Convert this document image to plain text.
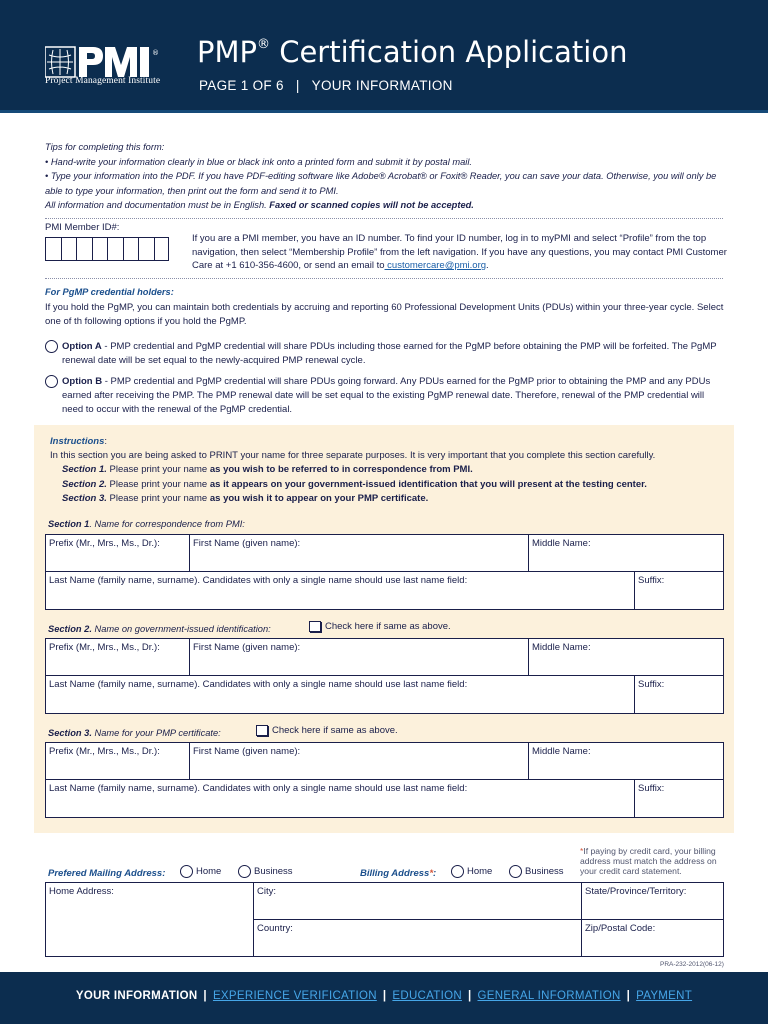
®
Project Management Institute
PMP® Certification Application
PAGE 1 OF 6 | YOUR INFORMATION
Tips for completing this form:
• Hand-write your information clearly in blue or black ink onto a printed form and submit it by postal mail.
• Type your information into the PDF. If you have PDF-editing software like Adobe® Acrobat® or Foxit® Reader, you can save your data. Otherwise, you will only be able to type your information, then print out the form and send it to PMI.
All information and documentation must be in English. Faxed or scanned copies will not be accepted.
PMI Member ID#:
If you are a PMI member, you have an ID number. To find your ID number, log in to myPMI and select “Profile” from the top navigation, then select “Membership Profile” from the left navigation. If you have any questions, you may contact PMI Customer Care at +1 610-356-4600, or send an email to customercare@pmi.org.
For PgMP credential holders:
If you hold the PgMP, you can maintain both credentials by accruing and reporting 60 Professional Development Units (PDUs) within your three-year cycle. Select one of th following options if you hold the PgMP.
Option A - PMP credential and PgMP credential will share PDUs including those earned for the PgMP before obtaining the PMP will be forfeited. The PgMP renewal date will be set equal to the newly-acquired PMP renewal cycle.
Option B - PMP credential and PgMP credential will share PDUs going forward. Any PDUs earned for the PgMP prior to obtaining the PMP and any PDUs earned after receiving the PMP. The PMP renewal date will be set equal to the existing PgMP renewal date. Therefore, renewal of the PMP credential will need to occur with the renewal of the PgMP credential.
Instructions:
In this section you are being asked to PRINT your name for three separate purposes. It is very important that you complete this section carefully.
Section 1. Please print your name as you wish to be referred to in correspondence from PMI.
Section 2. Please print your name as it appears on your government-issued identification that you will present at the testing center.
Section 3. Please print your name as you wish it to appear on your PMP certificate.
Section 1. Name for correspondence from PMI:
Prefix (Mr., Mrs., Ms., Dr.):	First Name (given name):	Middle Name:
Last Name (family name, surname). Candidates with only a single name should use last name field:	Suffix:
Section 2. Name on government-issued identification:	Check here if same as above.
Prefix (Mr., Mrs., Ms., Dr.):	First Name (given name):	Middle Name:
Last Name (family name, surname). Candidates with only a single name should use last name field:	Suffix:
Section 3. Name for your PMP certificate:	Check here if same as above.
Prefix (Mr., Mrs., Ms., Dr.):	First Name (given name):	Middle Name:
Last Name (family name, surname). Candidates with only a single name should use last name field:	Suffix:
*If paying by credit card, your billing address must match the address on your credit card statement.
Prefered Mailing Address:	Home	Business	Billing Address*:	Home	Business
Home Address:	City:	State/Province/Territory:
Country:	Zip/Postal Code:
PRA-232-2012(06-12)
YOUR INFORMATION | EXPERIENCE VERIFICATION | EDUCATION | GENERAL INFORMATION | PAYMENT
